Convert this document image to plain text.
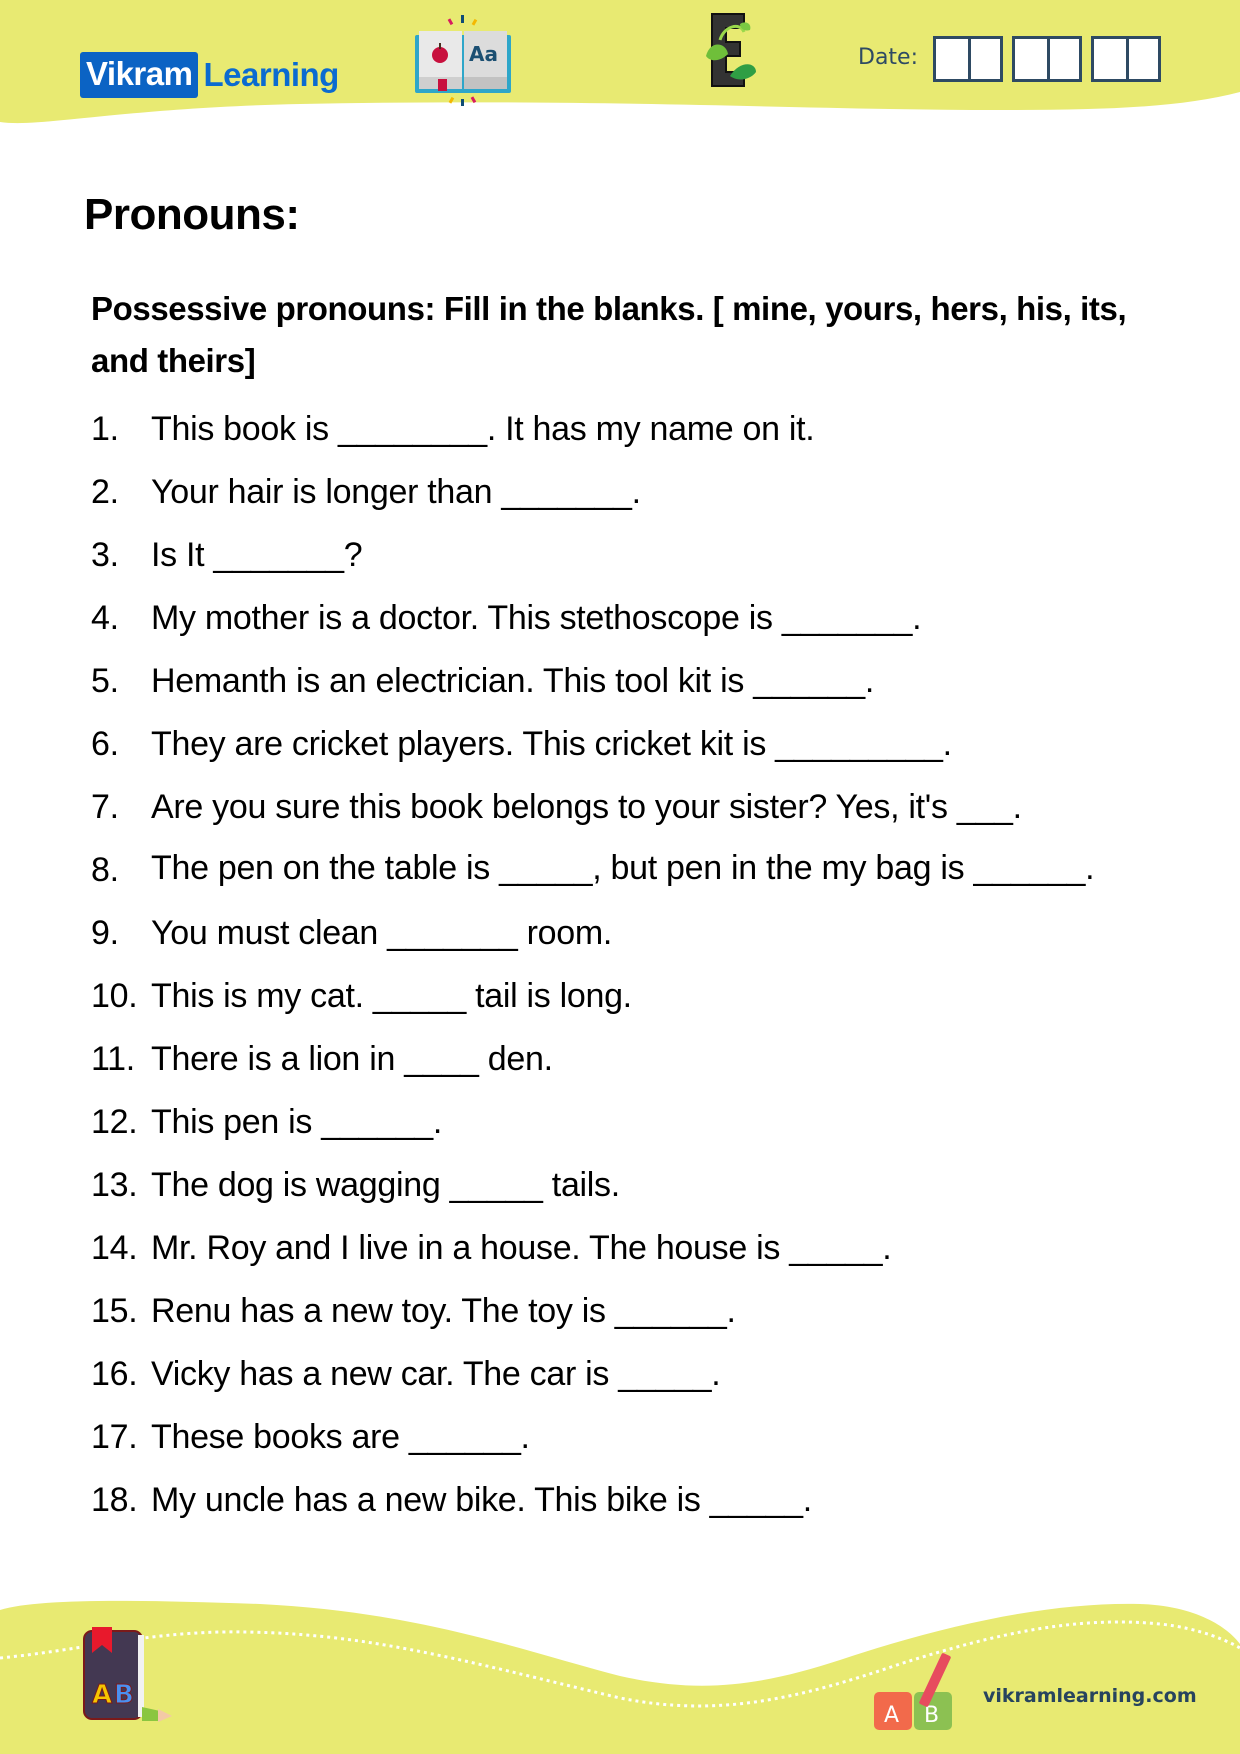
Vikram Learning
Aa	Date:
Pronouns:

Possessive pronouns: Fill in the blanks. [ mine, yours, hers, his, its, and theirs]

1. This book is ________. It has my name on it.
2. Your hair is longer than _______.
3. Is It _______?
4. My mother is a doctor. This stethoscope is _______.
5. Hemanth is an electrician. This tool kit is ______.
6. They are cricket players. This cricket kit is _________.
7. Are you sure this book belongs to your sister? Yes, it's ___.
8. The pen on the table is _____, but pen in the my bag is ______.
9. You must clean _______ room.
10. This is my cat. _____ tail is long.
11. There is a lion in ____ den.
12. This pen is ______.
13. The dog is wagging _____ tails.
14. Mr. Roy and I live in a house. The house is _____.
15. Renu has a new toy. The toy is ______.
16. Vicky has a new car. The car is _____.
17. These books are ______.
18. My uncle has a new bike. This bike is _____.
A B
A B
vikramlearning.com
